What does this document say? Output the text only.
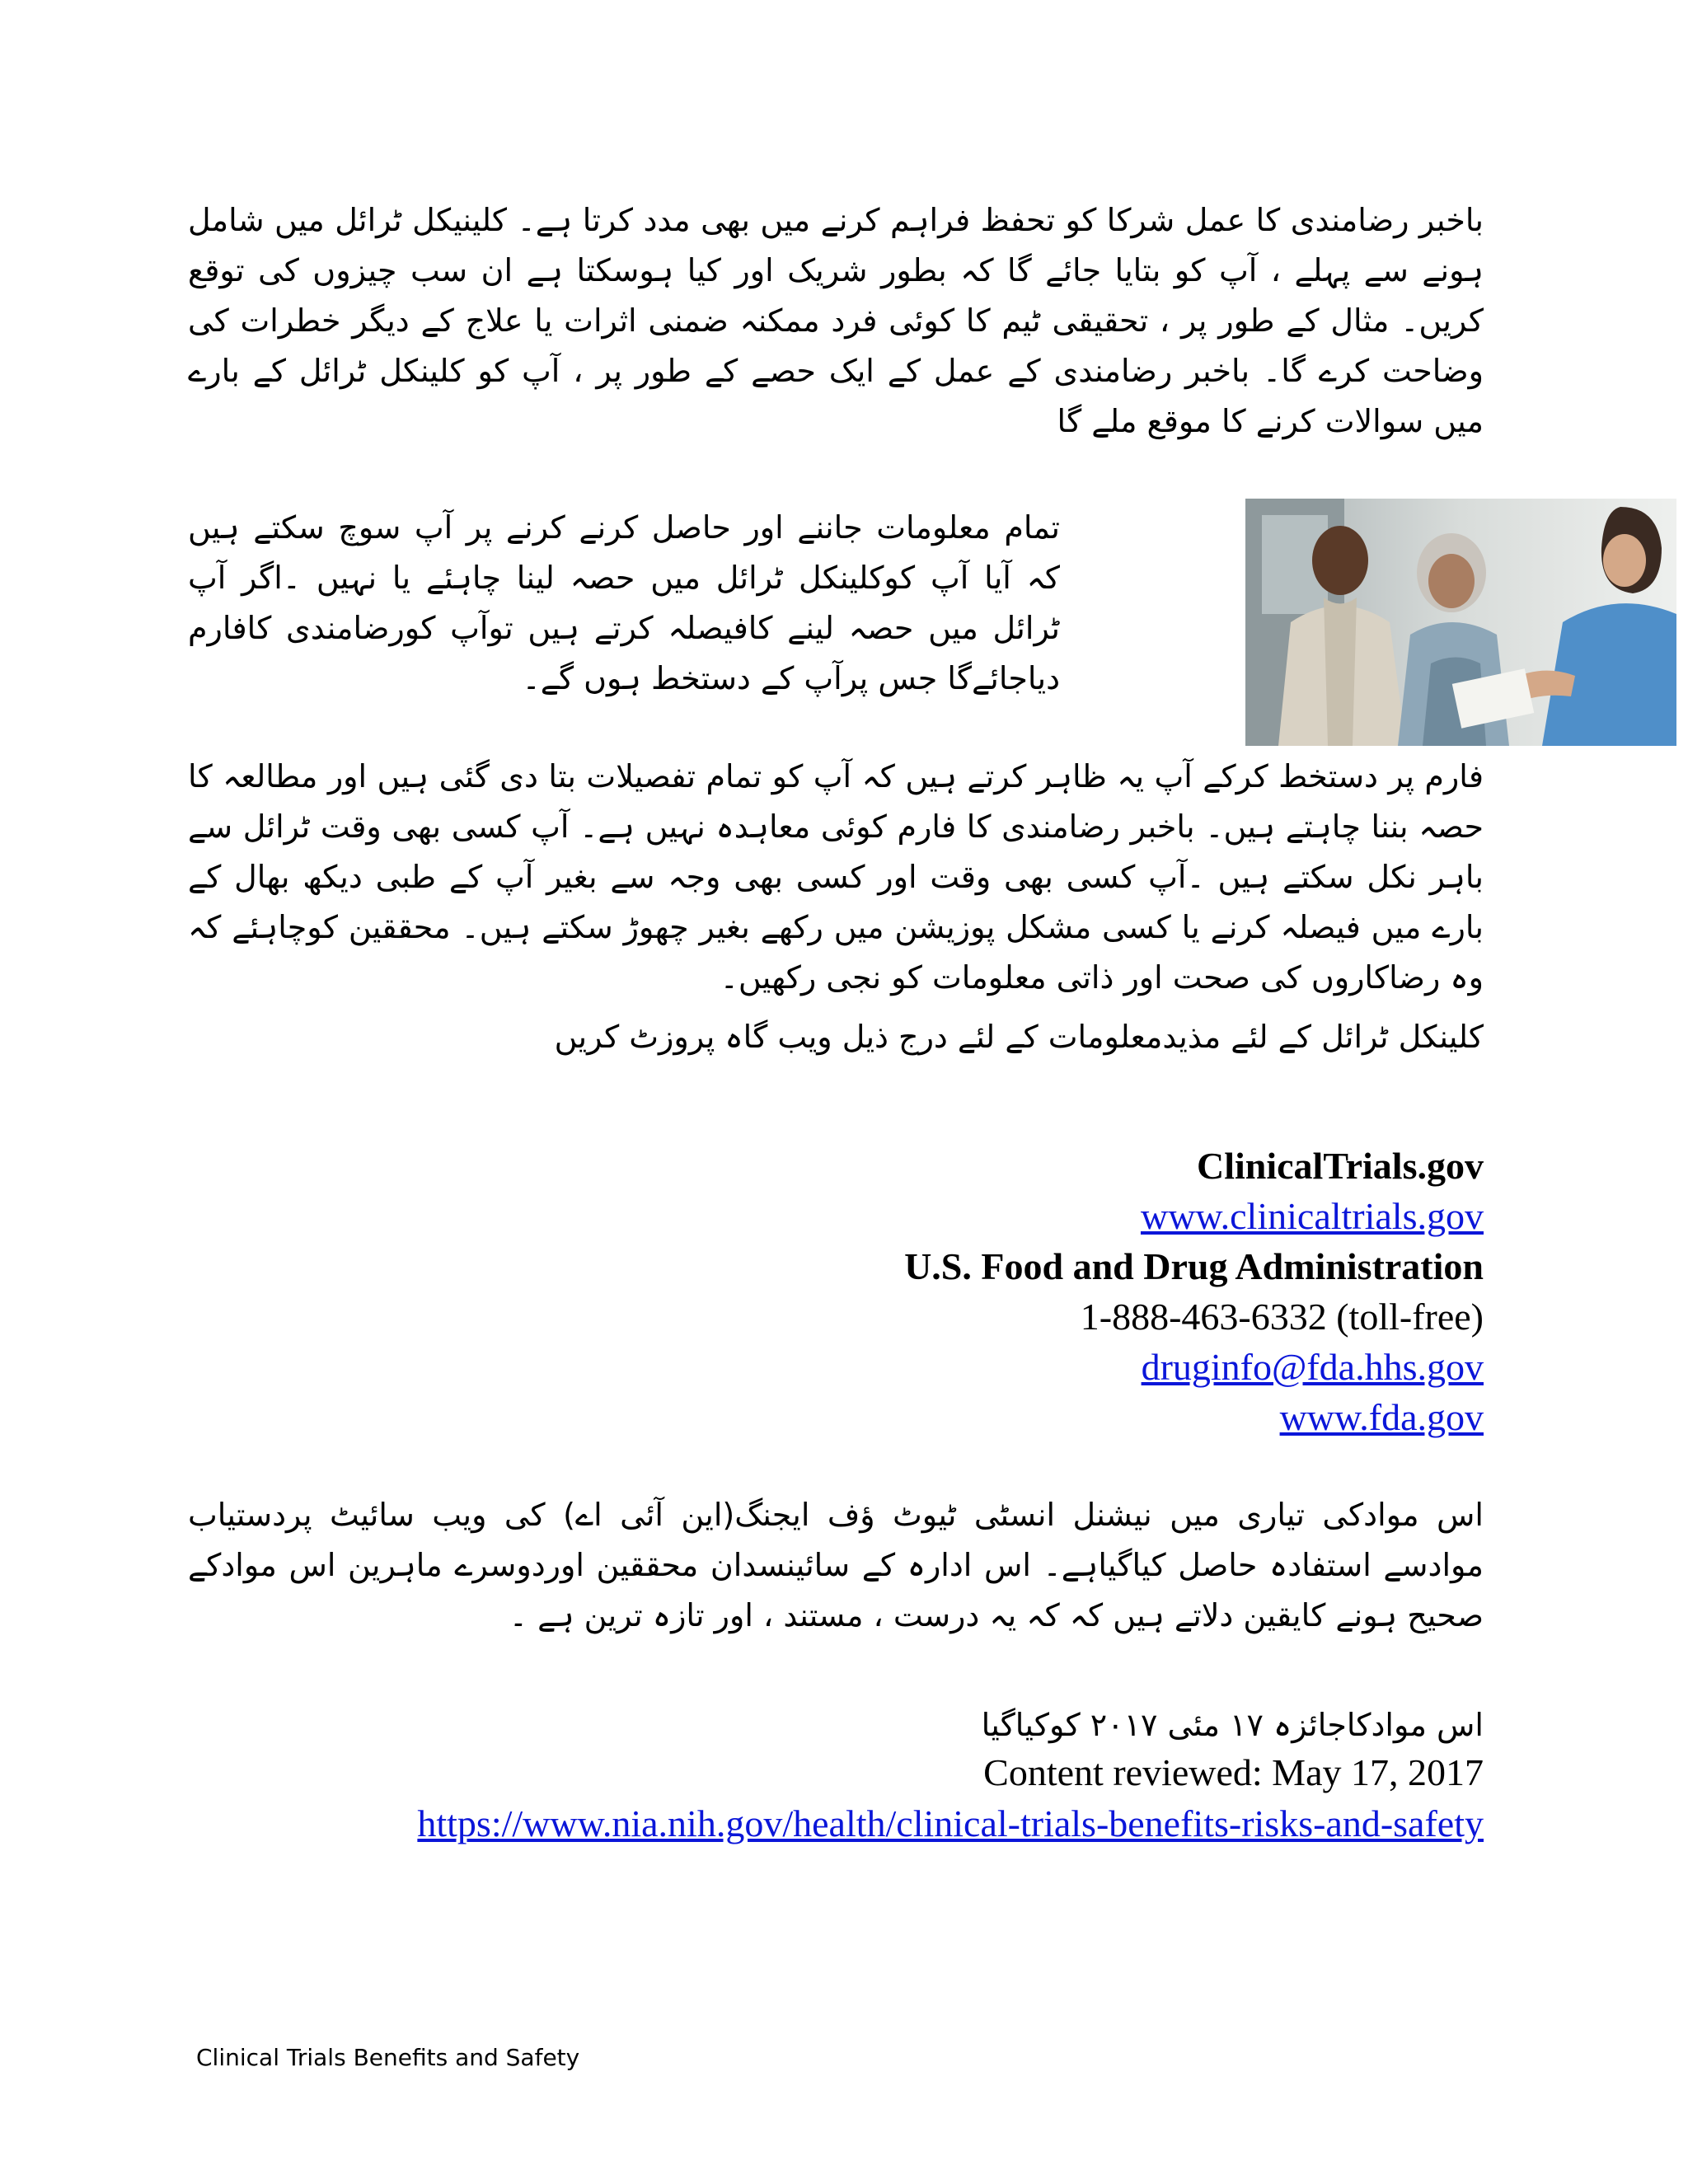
باخبر رضامندی کا عمل شرکا کو تحفظ فراہم کرنے میں بھی مدد کرتا ہے۔ کلینیکل ٹرائل میں شامل ہونے سے پہلے ، آپ کو بتایا جائے گا کہ بطور شریک اور کیا ہوسکتا ہے ان سب چیزوں کی توقع کریں۔ مثال کے طور پر ، تحقیقی ٹیم کا کوئی فرد ممکنہ ضمنی اثرات یا علاج کے دیگر خطرات کی وضاحت کرے گا۔ باخبر رضامندی کے عمل کے ایک حصے کے طور پر ، آپ کو کلینکل ٹرائل کے بارے میں سوالات کرنے کا موقع ملے گا

تمام معلومات جاننے اور حاصل کرنے کرنے پر آپ سوچ سکتے ہیں کہ آیا آپ کوکلینکل ٹرائل میں حصہ لینا چاہئے یا نہیں ۔اگر آپ ٹرائل میں حصہ لینے کافیصلہ کرتے ہیں توآپ کورضامندی کافارم دیاجائےگا جس پرآپ کے دستخط ہوں گے۔

فارم پر دستخط کرکے آپ یہ ظاہر کرتے ہیں کہ آپ کو تمام تفصیلات بتا دی گئی ہیں اور مطالعہ کا حصہ بننا چاہتے ہیں۔ باخبر رضامندی کا فارم کوئی معاہدہ نہیں ہے۔ آپ کسی بھی وقت ٹرائل سے باہر نکل سکتے ہیں ۔آپ کسی بھی وقت اور کسی بھی وجہ سے بغیر آپ کے طبی دیکھ بھال کے بارے میں فیصلہ کرنے یا کسی مشکل پوزیشن میں رکھے بغیر چھوڑ سکتے ہیں۔ محققین کوچاہئے کہ وہ رضاکاروں کی صحت اور ذاتی معلومات کو نجی رکھیں۔

کلینکل ٹرائل کے لئے مذیدمعلومات کے لئے درج ذیل ویب گاہ پروزٹ کریں

ClinicalTrials.gov
www.clinicaltrials.gov
U.S. Food and Drug Administration
1-888-463-6332 (toll-free)
druginfo@fda.hhs.gov
www.fda.gov

اس موادکی تیاری میں نیشنل انسٹی ٹیوٹ ؤف ایجنگ(این آئی اے) کی ویب سائیٹ پردستیاب موادسے استفادہ حاصل کیاگیاہے۔ اس ادارہ کے سائینسدان محققین اوردوسرے ماہرین اس موادکے صحیح ہونے کایقین دلاتے ہیں کہ کہ یہ درست ، مستند ، اور تازہ ترین ہے ۔

اس موادکاجائزہ ۱۷ مئی ۲۰۱۷ کوکیاگیا
Content reviewed: May 17, 2017
https://www.nia.nih.gov/health/clinical-trials-benefits-risks-and-safety
Clinical Trials Benefits and Safety
